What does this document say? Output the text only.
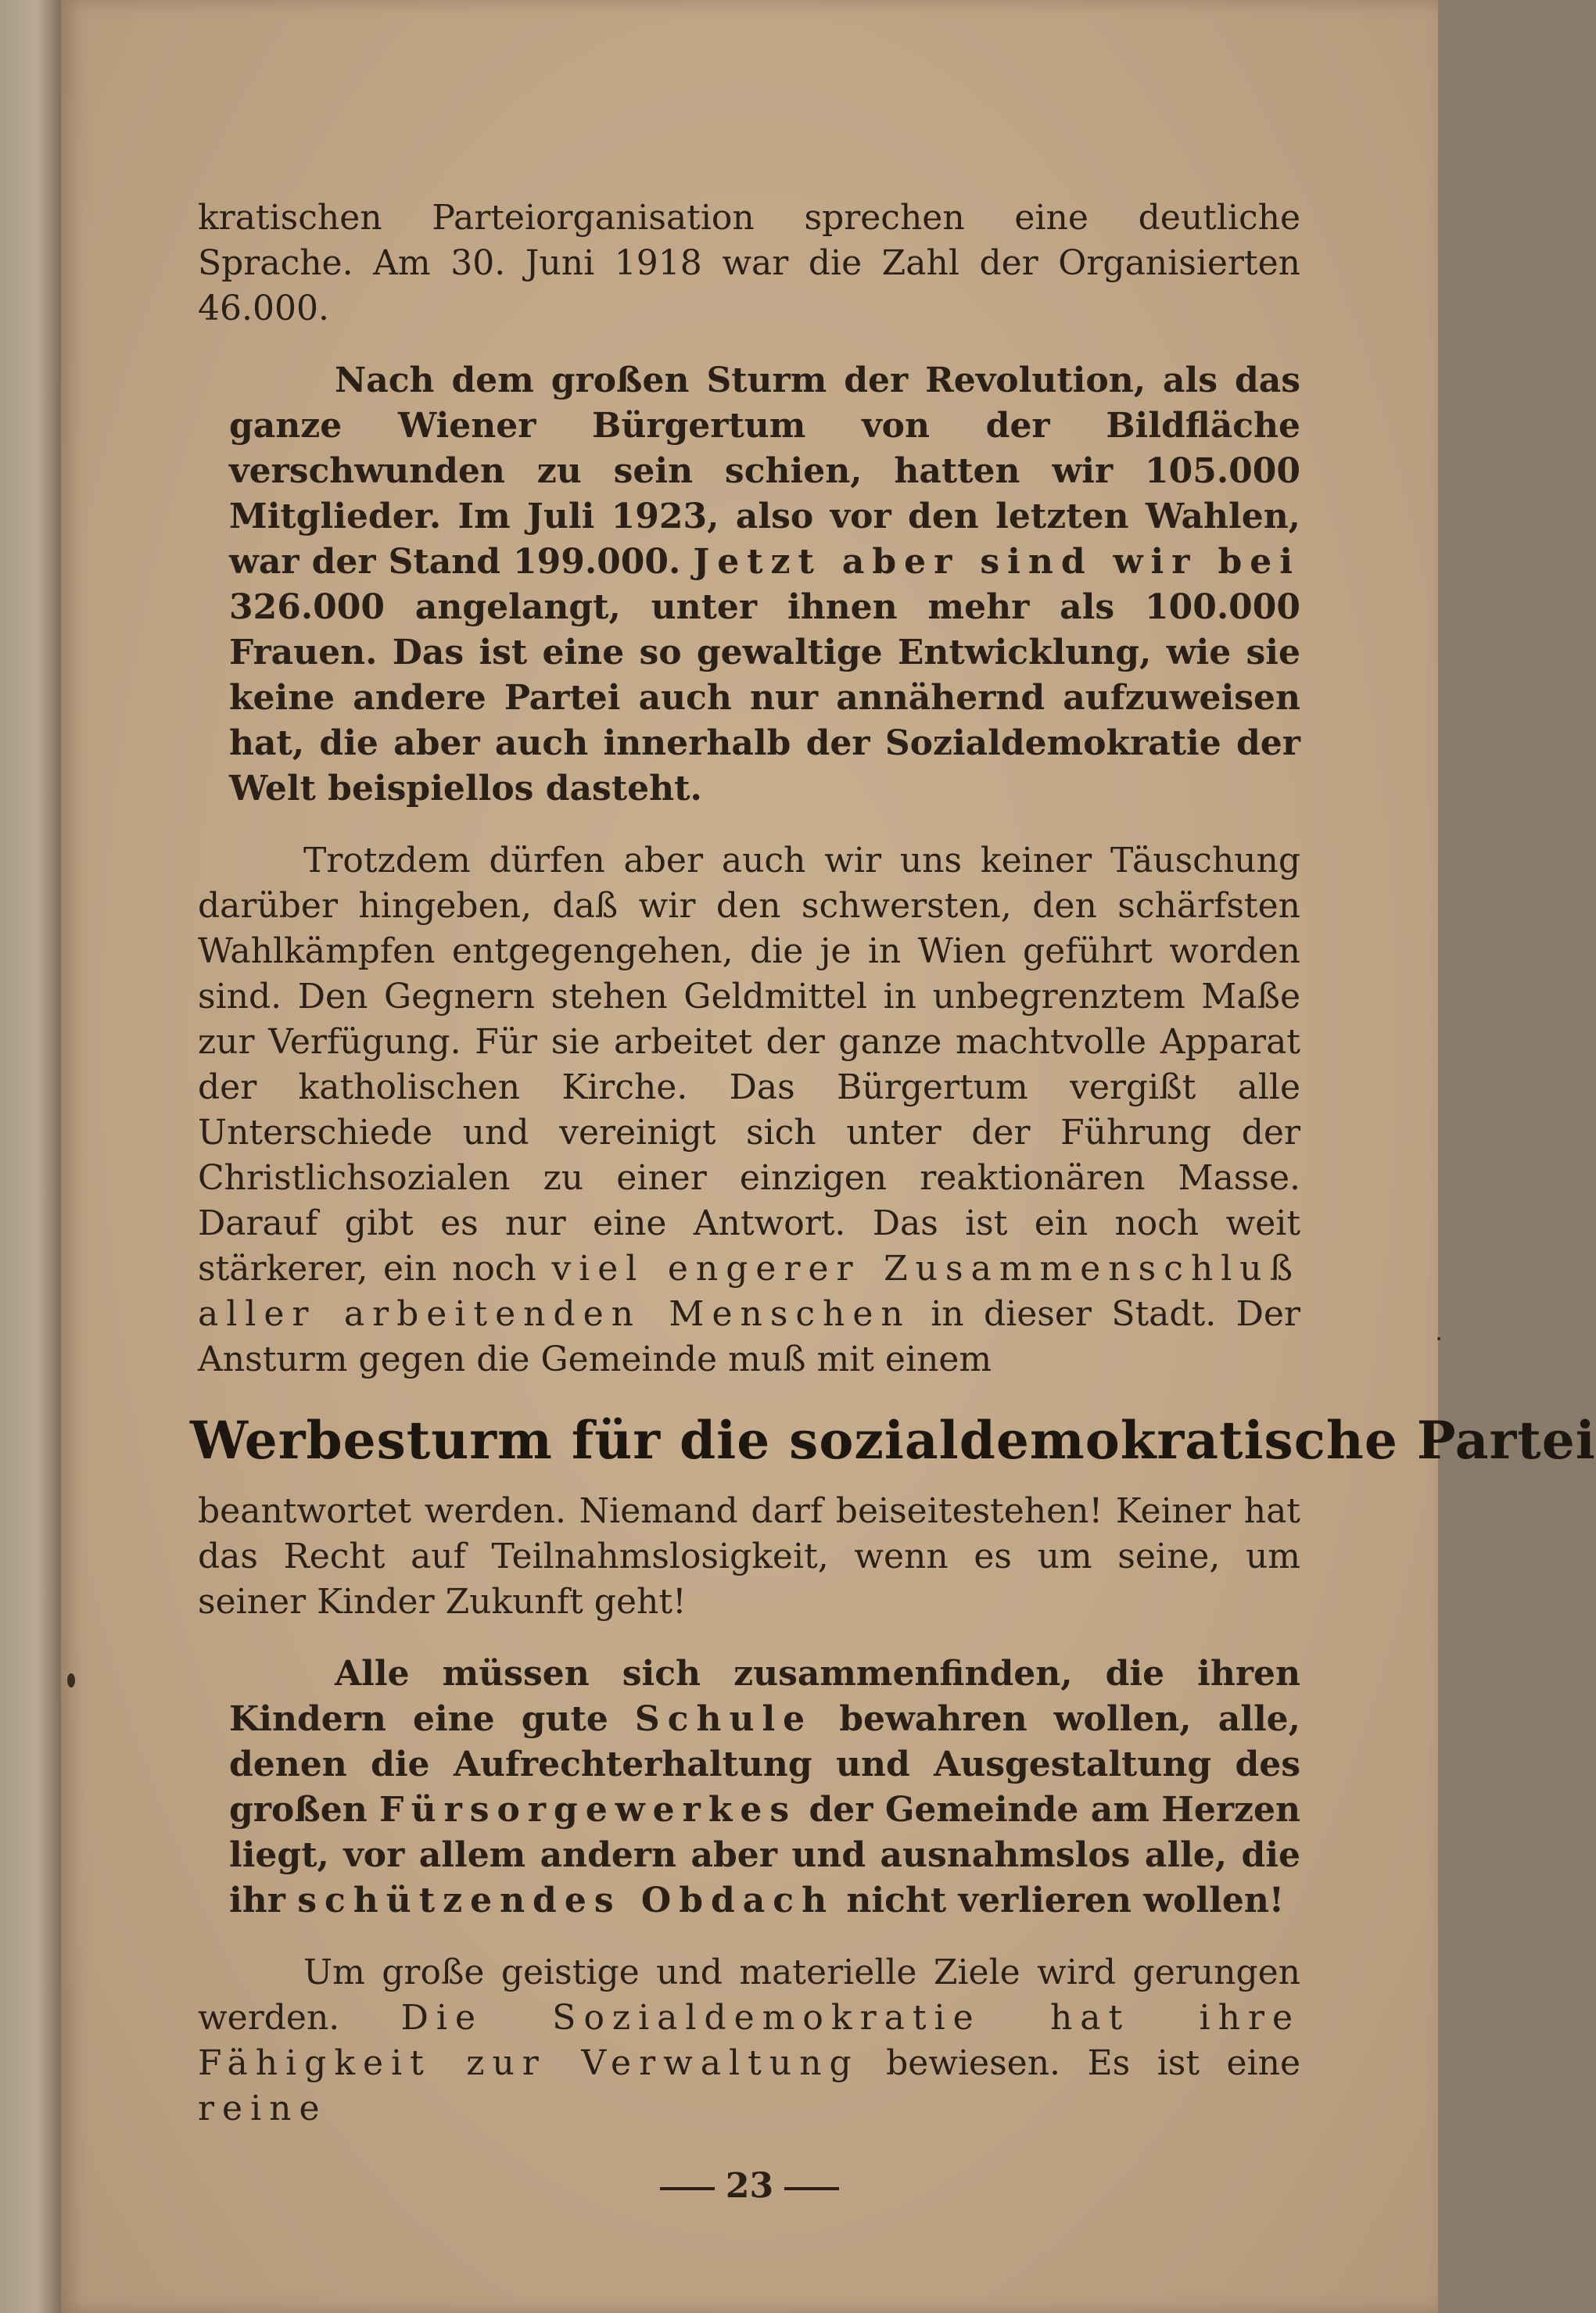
kratischen Parteiorganisation sprechen eine deutliche Sprache. Am 30. Juni 1918 war die Zahl der Organisierten 46.000.

Nach dem großen Sturm der Revolution, als das ganze Wiener Bürgertum von der Bildfläche verschwunden zu sein schien, hatten wir 105.000 Mitglieder. Im Juli 1923, also vor den letzten Wahlen, war der Stand 199.000. Jetzt aber sind wir bei 326.000 angelangt, unter ihnen mehr als 100.000 Frauen. Das ist eine so gewaltige Entwicklung, wie sie keine andere Partei auch nur annähernd aufzuweisen hat, die aber auch innerhalb der Sozialdemokratie der Welt beispiellos dasteht.

Trotzdem dürfen aber auch wir uns keiner Täuschung darüber hingeben, daß wir den schwersten, den schärfsten Wahlkämpfen entgegengehen, die je in Wien geführt worden sind. Den Gegnern stehen Geldmittel in unbegrenztem Maße zur Verfügung. Für sie arbeitet der ganze machtvolle Apparat der katholischen Kirche. Das Bürgertum vergißt alle Unterschiede und vereinigt sich unter der Führung der Christlichsozialen zu einer einzigen reaktionären Masse. Darauf gibt es nur eine Antwort. Das ist ein noch weit stärkerer, ein noch viel engerer Zusammenschluß aller arbeitenden Menschen in dieser Stadt. Der Ansturm gegen die Gemeinde muß mit einem

Werbesturm für die sozialdemokratische Partei

beantwortet werden. Niemand darf beiseitestehen! Keiner hat das Recht auf Teilnahmslosigkeit, wenn es um seine, um seiner Kinder Zukunft geht!

Alle müssen sich zusammenfinden, die ihren Kindern eine gute Schule bewahren wollen, alle, denen die Aufrechterhaltung und Ausgestaltung des großen Fürsorgewerkes der Gemeinde am Herzen liegt, vor allem andern aber und ausnahmslos alle, die ihr schützendes Obdach nicht verlieren wollen!

Um große geistige und materielle Ziele wird gerungen werden. Die Sozialdemokratie hat ihre Fähigkeit zur Verwaltung bewiesen. Es ist eine reine

23
